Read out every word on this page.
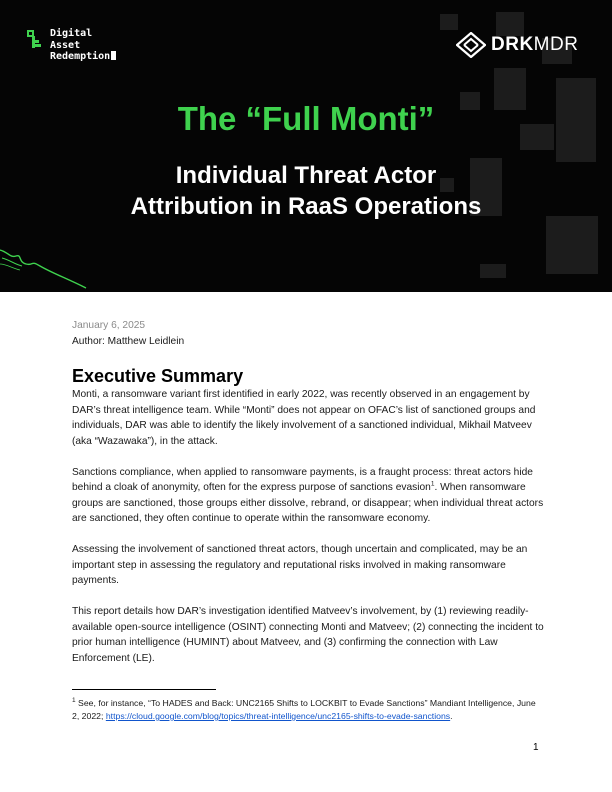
Digital
Asset
Redemption
DRKMDR
The “Full Monti”
Individual Threat Actor
Attribution in RaaS Operations
January 6, 2025
Author: Matthew Leidlein
Executive Summary

Monti, a ransomware variant first identified in early 2022, was recently observed in an engagement by DAR’s threat intelligence team. While “Monti” does not appear on OFAC’s list of sanctioned groups and individuals, DAR was able to identify the likely involvement of a sanctioned individual, Mikhail Matveev (aka “Wazawaka”), in the attack.

Sanctions compliance, when applied to ransomware payments, is a fraught process: threat actors hide behind a cloak of anonymity, often for the express purpose of sanctions evasion$^1$. When ransomware groups are sanctioned, those groups either dissolve, rebrand, or disappear; when individual threat actors are sanctioned, they often continue to operate within the ransomware economy.

Assessing the involvement of sanctioned threat actors, though uncertain and complicated, may be an important step in assessing the regulatory and reputational risks involved in making ransomware payments.

This report details how DAR’s investigation identified Matveev’s involvement, by (1) reviewing readily-available open-source intelligence (OSINT) connecting Monti and Matveev; (2) connecting the incident to prior human intelligence (HUMINT) about Matveev, and (3) confirming the connection with Law Enforcement (LE).

$^1$ See, for instance, “To HADES and Back: UNC2165 Shifts to LOCKBIT to Evade Sanctions” Mandiant Intelligence, June 2, 2022; https://cloud.google.com/blog/topics/threat-intelligence/unc2165-shifts-to-evade-sanctions.
1
